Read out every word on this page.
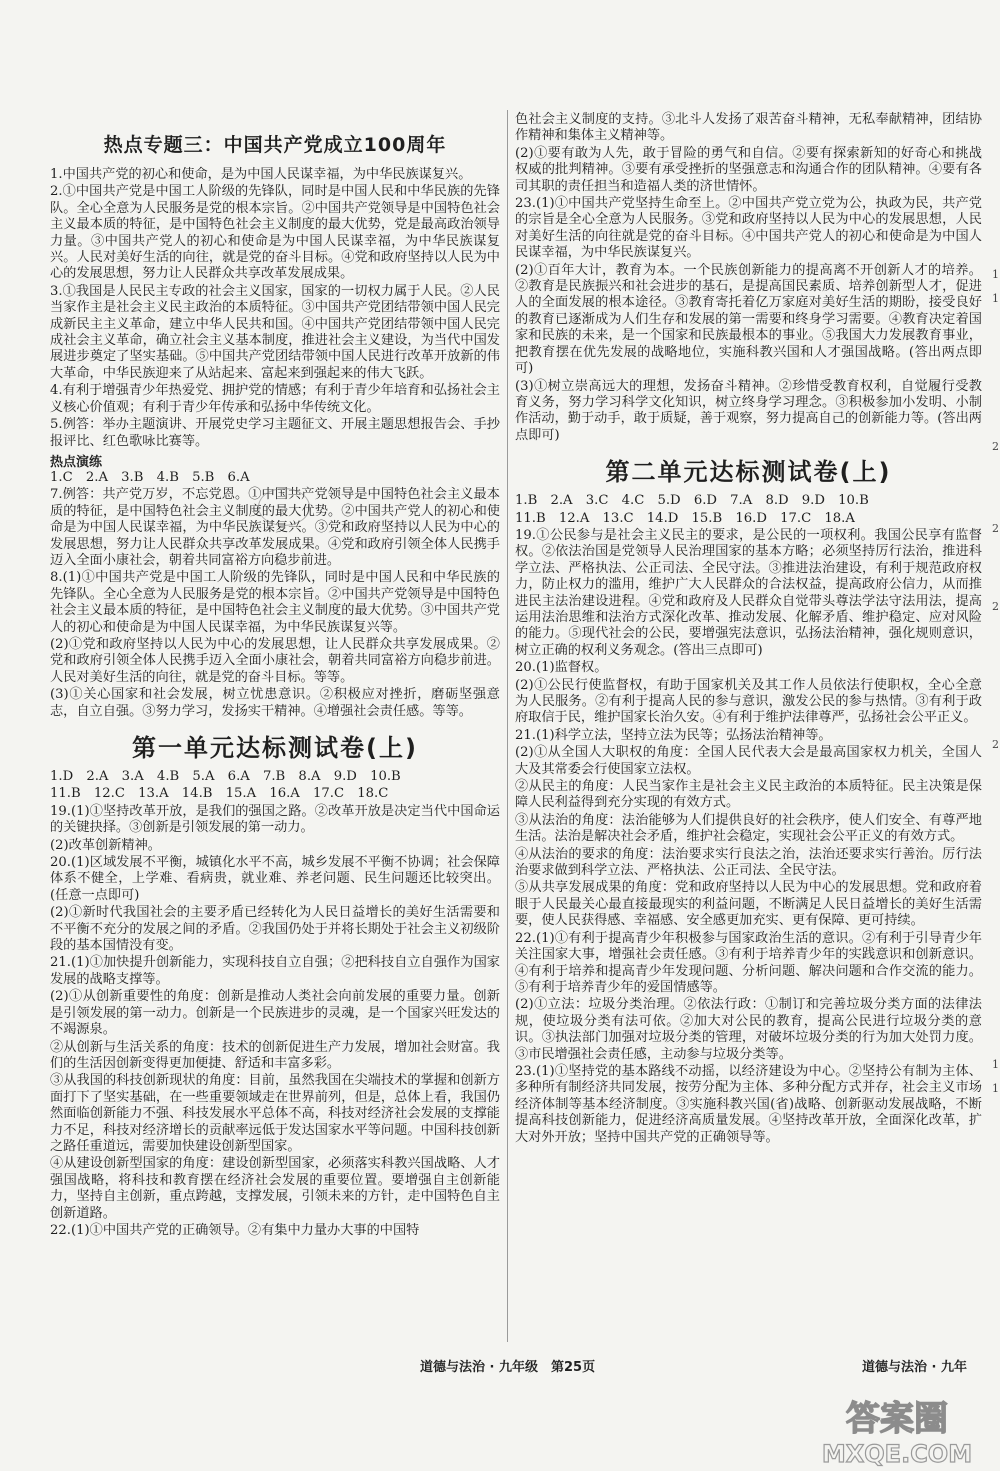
热点专题三：中国共产党成立100周年

1.中国共产党的初心和使命，是为中国人民谋幸福，为中华民族谋复兴。

2.①中国共产党是中国工人阶级的先锋队，同时是中国人民和中华民族的先锋队。全心全意为人民服务是党的根本宗旨。②中国共产党领导是中国特色社会主义最本质的特征，是中国特色社会主义制度的最大优势，党是最高政治领导力量。③中国共产党人的初心和使命是为中国人民谋幸福，为中华民族谋复兴。人民对美好生活的向往，就是党的奋斗目标。④党和政府坚持以人民为中心的发展思想，努力让人民群众共享改革发展成果。

3.①我国是人民民主专政的社会主义国家，国家的一切权力属于人民。②人民当家作主是社会主义民主政治的本质特征。③中国共产党团结带领中国人民完成新民主主义革命，建立中华人民共和国。④中国共产党团结带领中国人民完成社会主义革命，确立社会主义基本制度，推进社会主义建设，为当代中国发展进步奠定了坚实基础。⑤中国共产党团结带领中国人民进行改革开放新的伟大革命，中华民族迎来了从站起来、富起来到强起来的伟大飞跃。

4.有利于增强青少年热爱党、拥护党的情感；有利于青少年培育和弘扬社会主义核心价值观；有利于青少年传承和弘扬中华传统文化。

5.例答：举办主题演讲、开展党史学习主题征文、开展主题思想报告会、手抄报评比、红色歌咏比赛等。

热点演练

1.C　2.A　3.B　4.B　5.B　6.A

7.例答：共产党万岁，不忘党恩。①中国共产党领导是中国特色社会主义最本质的特征，是中国特色社会主义制度的最大优势。②中国共产党人的初心和使命是为中国人民谋幸福，为中华民族谋复兴。③党和政府坚持以人民为中心的发展思想，努力让人民群众共享改革发展成果。④党和政府引领全体人民携手迈入全面小康社会，朝着共同富裕方向稳步前进。

8.(1)①中国共产党是中国工人阶级的先锋队，同时是中国人民和中华民族的先锋队。全心全意为人民服务是党的根本宗旨。②中国共产党领导是中国特色社会主义最本质的特征，是中国特色社会主义制度的最大优势。③中国共产党人的初心和使命是为中国人民谋幸福，为中华民族谋复兴等。

(2)①党和政府坚持以人民为中心的发展思想，让人民群众共享发展成果。②党和政府引领全体人民携手迈入全面小康社会，朝着共同富裕方向稳步前进。人民对美好生活的向往，就是党的奋斗目标。等等。

(3)①关心国家和社会发展，树立忧患意识。②积极应对挫折，磨砺坚强意志，自立自强。③努力学习，发扬实干精神。④增强社会责任感。等等。

第一单元达标测试卷(上)

1.D　2.A　3.A　4.B　5.A　6.A　7.B　8.A　9.D　10.B

11.B　12.C　13.A　14.B　15.A　16.A　17.C　18.C

19.(1)①坚持改革开放，是我们的强国之路。②改革开放是决定当代中国命运的关键抉择。③创新是引领发展的第一动力。

(2)改革创新精神。

20.(1)区域发展不平衡，城镇化水平不高，城乡发展不平衡不协调；社会保障体系不健全，上学难、看病贵，就业难、养老问题、民生问题还比较突出。(任意一点即可)

(2)①新时代我国社会的主要矛盾已经转化为人民日益增长的美好生活需要和不平衡不充分的发展之间的矛盾。②我国仍处于并将长期处于社会主义初级阶段的基本国情没有变。

21.(1)①加快提升创新能力，实现科技自立自强；②把科技自立自强作为国家发展的战略支撑等。

(2)①从创新重要性的角度：创新是推动人类社会向前发展的重要力量。创新是引领发展的第一动力。创新是一个民族进步的灵魂，是一个国家兴旺发达的不竭源泉。

②从创新与生活关系的角度：技术的创新促进生产力发展，增加社会财富。我们的生活因创新变得更加便捷、舒适和丰富多彩。

③从我国的科技创新现状的角度：目前，虽然我国在尖端技术的掌握和创新方面打下了坚实基础，在一些重要领域走在世界前列，但是，总体上看，我国仍然面临创新能力不强、科技发展水平总体不高，科技对经济社会发展的支撑能力不足，科技对经济增长的贡献率远低于发达国家水平等问题。中国科技创新之路任重道远，需要加快建设创新型国家。

④从建设创新型国家的角度：建设创新型国家，必须落实科教兴国战略、人才强国战略，将科技和教育摆在经济社会发展的重要位置。要增强自主创新能力，坚持自主创新，重点跨越，支撑发展，引领未来的方针，走中国特色自主创新道路。

22.(1)①中国共产党的正确领导。②有集中力量办大事的中国特

色社会主义制度的支持。③北斗人发扬了艰苦奋斗精神，无私奉献精神，团结协作精神和集体主义精神等。

(2)①要有敢为人先，敢于冒险的勇气和自信。②要有探索新知的好奇心和挑战权威的批判精神。③要有承受挫折的坚强意志和沟通合作的团队精神。④要有各司其职的责任担当和造福人类的济世情怀。

23.(1)①中国共产党坚持生命至上。②中国共产党立党为公，执政为民，共产党的宗旨是全心全意为人民服务。③党和政府坚持以人民为中心的发展思想，人民对美好生活的向往就是党的奋斗目标。④中国共产党人的初心和使命是为中国人民谋幸福，为中华民族谋复兴。

(2)①百年大计，教育为本。一个民族创新能力的提高离不开创新人才的培养。②教育是民族振兴和社会进步的基石，是提高国民素质、培养创新型人才，促进人的全面发展的根本途径。③教育寄托着亿万家庭对美好生活的期盼，接受良好的教育已逐渐成为人们生存和发展的第一需要和终身学习需要。④教育决定着国家和民族的未来，是一个国家和民族最根本的事业。⑤我国大力发展教育事业，把教育摆在优先发展的战略地位，实施科教兴国和人才强国战略。(答出两点即可)

(3)①树立崇高远大的理想，发扬奋斗精神。②珍惜受教育权利，自觉履行受教育义务，努力学习科学文化知识，树立终身学习理念。③积极参加小发明、小制作活动，勤于动手，敢于质疑，善于观察，努力提高自己的创新能力等。(答出两点即可)

第二单元达标测试卷(上)

1.B　2.A　3.C　4.C　5.D　6.D　7.A　8.D　9.D　10.B

11.B　12.A　13.C　14.D　15.B　16.D　17.C　18.A

19.①公民参与是社会主义民主的要求，是公民的一项权利。我国公民享有监督权。②依法治国是党领导人民治理国家的基本方略；必须坚持厉行法治，推进科学立法、严格执法、公正司法、全民守法。③推进法治建设，有利于规范政府权力，防止权力的滥用，维护广大人民群众的合法权益，提高政府公信力，从而推进民主法治建设进程。④党和政府及人民群众自觉带头尊法学法守法用法，提高运用法治思维和法治方式深化改革、推动发展、化解矛盾、维护稳定、应对风险的能力。⑤现代社会的公民，要增强宪法意识，弘扬法治精神，强化规则意识，树立正确的权利义务观念。(答出三点即可)

20.(1)监督权。

(2)①公民行使监督权，有助于国家机关及其工作人员依法行使职权，全心全意为人民服务。②有利于提高人民的参与意识，激发公民的参与热情。③有利于政府取信于民，维护国家长治久安。④有利于维护法律尊严，弘扬社会公平正义。

21.(1)科学立法，坚持立法为民等；弘扬法治精神等。

(2)①从全国人大职权的角度：全国人民代表大会是最高国家权力机关，全国人大及其常委会行使国家立法权。

②从民主的角度：人民当家作主是社会主义民主政治的本质特征。民主决策是保障人民利益得到充分实现的有效方式。

③从法治的角度：法治能够为人们提供良好的社会秩序，使人们安全、有尊严地生活。法治是解决社会矛盾，维护社会稳定，实现社会公平正义的有效方式。

④从法治的要求的角度：法治要求实行良法之治，法治还要求实行善治。厉行法治要求做到科学立法、严格执法、公正司法、全民守法。

⑤从共享发展成果的角度：党和政府坚持以人民为中心的发展思想。党和政府着眼于人民最关心最直接最现实的利益问题，不断满足人民日益增长的美好生活需要，使人民获得感、幸福感、安全感更加充实、更有保障、更可持续。

22.(1)①有利于提高青少年积极参与国家政治生活的意识。②有利于引导青少年关注国家大事，增强社会责任感。③有利于培养青少年的实践意识和创新意识。④有利于培养和提高青少年发现问题、分析问题、解决问题和合作交流的能力。⑤有利于培养青少年的爱国情感等。

(2)①立法：垃圾分类治理。②依法行政：①制订和完善垃圾分类方面的法律法规，使垃圾分类有法可依。②加大对公民的教育，提高公民进行垃圾分类的意识。③执法部门加强对垃圾分类的管理，对破坏垃圾分类的行为加大处罚力度。③市民增强社会责任感，主动参与垃圾分类等。

23.(1)①坚持党的基本路线不动摇，以经济建设为中心。②坚持公有制为主体、多种所有制经济共同发展，按劳分配为主体、多种分配方式并存，社会主义市场经济体制等基本经济制度。③实施科教兴国(省)战略、创新驱动发展战略，不断提高科技创新能力，促进经济高质量发展。④坚持改革开放，全面深化改革，扩大对外开放；坚持中国共产党的正确领导等。

1
1
2
2
2
2
1
1
道德与法治 · 九年级　第25页	道德与法治 · 九年
答案圈
MXQE.COM
